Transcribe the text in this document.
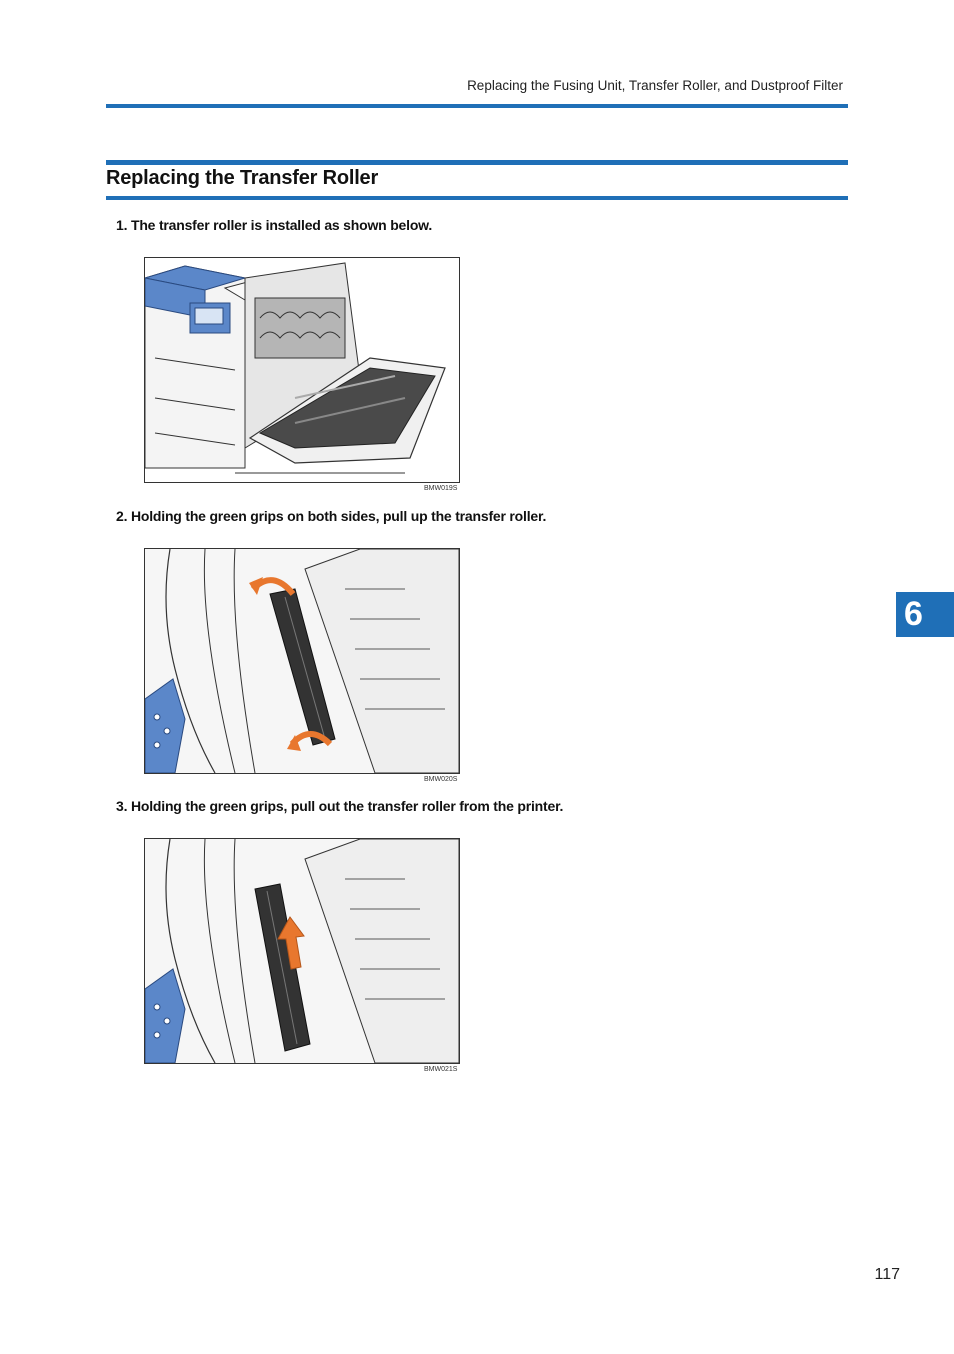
Replacing the Fusing Unit, Transfer Roller, and Dustproof Filter
Replacing the Transfer Roller
1. The transfer roller is installed as shown below.
BMW019S
2. Holding the green grips on both sides, pull up the transfer roller.
BMW020S
3. Holding the green grips, pull out the transfer roller from the printer.
BMW021S
6
117
